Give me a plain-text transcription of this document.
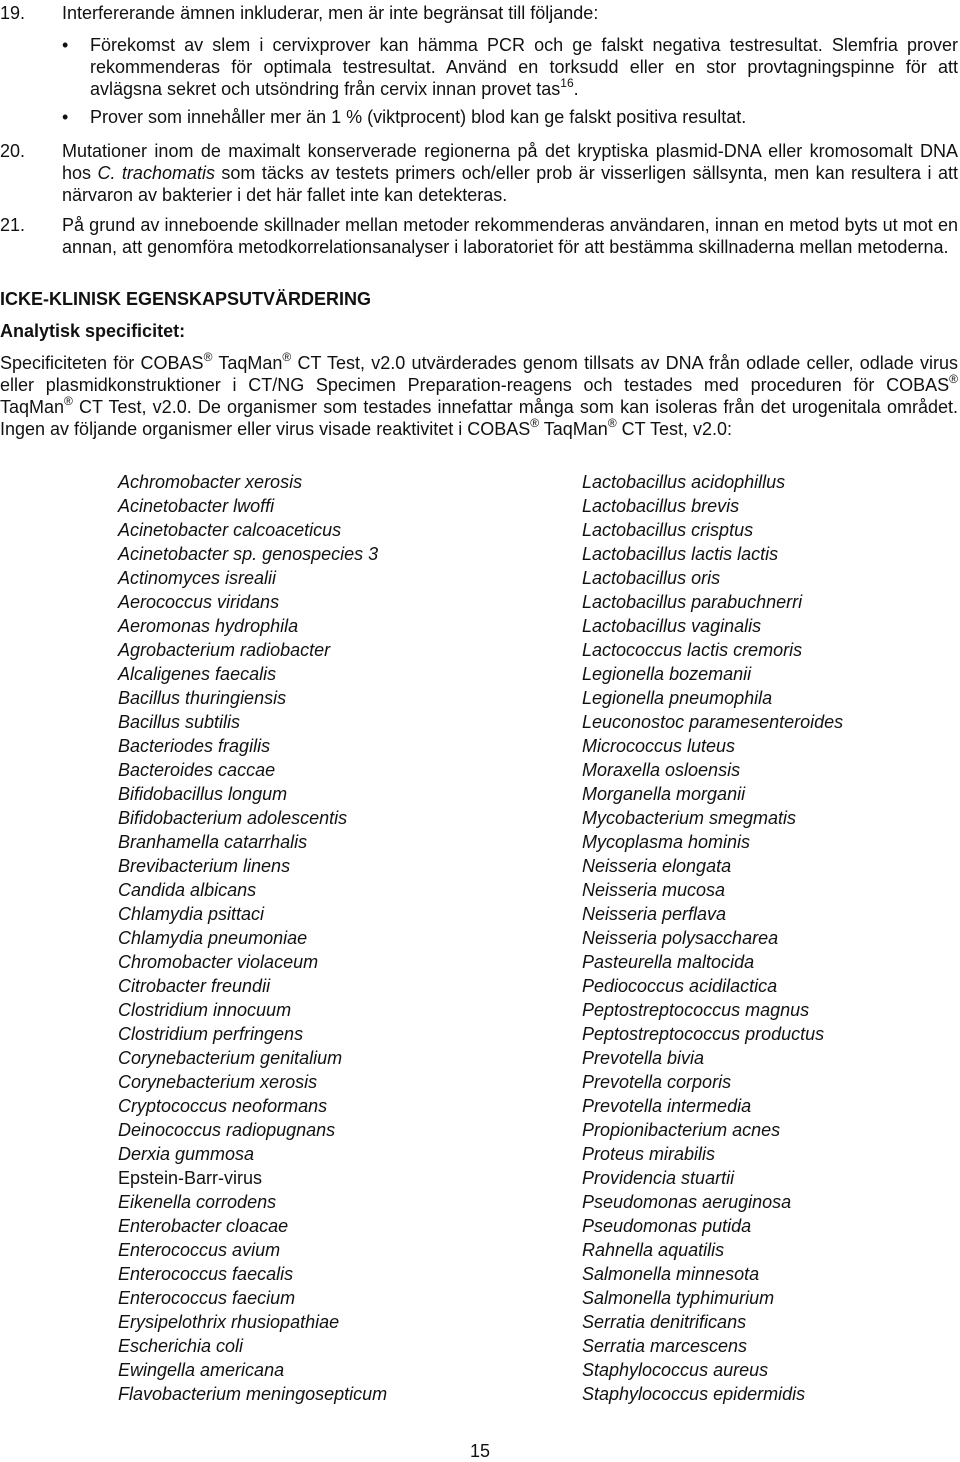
19. Interfererande ämnen inkluderar, men är inte begränsat till följande:
• Förekomst av slem i cervixprover kan hämma PCR och ge falskt negativa testresultat. Slemfria prover rekommenderas för optimala testresultat. Använd en torksudd eller en stor provtagningspinne för att avlägsna sekret och utsöndring från cervix innan provet tas$^{16}$.
• Prover som innehåller mer än 1 % (viktprocent) blod kan ge falskt positiva resultat.
20. Mutationer inom de maximalt konserverade regionerna på det kryptiska plasmid-DNA eller kromosomalt DNA hos C. trachomatis som täcks av testets primers och/eller prob är visserligen sällsynta, men kan resultera i att närvaron av bakterier i det här fallet inte kan detekteras.
21. På grund av inneboende skillnader mellan metoder rekommenderas användaren, innan en metod byts ut mot en annan, att genomföra metodkorrelationsanalyser i laboratoriet för att bestämma skillnaderna mellan metoderna.
ICKE-KLINISK EGENSKAPSUTVÄRDERING
Analytisk specificitet:
Specificiteten för COBAS® TaqMan® CT Test, v2.0 utvärderades genom tillsats av DNA från odlade celler, odlade virus eller plasmidkonstruktioner i CT/NG Specimen Preparation-reagens och testades med proceduren för COBAS® TaqMan® CT Test, v2.0. De organismer som testades innefattar många som kan isoleras från det urogenitala området. Ingen av följande organismer eller virus visade reaktivitet i COBAS® TaqMan® CT Test, v2.0:
Achromobacter xerosis
Acinetobacter lwoffi
Acinetobacter calcoaceticus
Acinetobacter sp. genospecies 3
Actinomyces isrealii
Aerococcus viridans
Aeromonas hydrophila
Agrobacterium radiobacter
Alcaligenes faecalis
Bacillus thuringiensis
Bacillus subtilis
Bacteriodes fragilis
Bacteroides caccae
Bifidobacillus longum
Bifidobacterium adolescentis
Branhamella catarrhalis
Brevibacterium linens
Candida albicans
Chlamydia psittaci
Chlamydia pneumoniae
Chromobacter violaceum
Citrobacter freundii
Clostridium innocuum
Clostridium perfringens
Corynebacterium genitalium
Corynebacterium xerosis
Cryptococcus neoformans
Deinococcus radiopugnans
Derxia gummosa
Epstein-Barr-virus
Eikenella corrodens
Enterobacter cloacae
Enterococcus avium
Enterococcus faecalis
Enterococcus faecium
Erysipelothrix rhusiopathiae
Escherichia coli
Ewingella americana
Flavobacterium meningosepticum
Lactobacillus acidophillus
Lactobacillus brevis
Lactobacillus crisptus
Lactobacillus lactis lactis
Lactobacillus oris
Lactobacillus parabuchnerri
Lactobacillus vaginalis
Lactococcus lactis cremoris
Legionella bozemanii
Legionella pneumophila
Leuconostoc paramesenteroides
Micrococcus luteus
Moraxella osloensis
Morganella morganii
Mycobacterium smegmatis
Mycoplasma hominis
Neisseria elongata
Neisseria mucosa
Neisseria perflava
Neisseria polysaccharea
Pasteurella maltocida
Pediococcus acidilactica
Peptostreptococcus magnus
Peptostreptococcus productus
Prevotella bivia
Prevotella corporis
Prevotella intermedia
Propionibacterium acnes
Proteus mirabilis
Providencia stuartii
Pseudomonas aeruginosa
Pseudomonas putida
Rahnella aquatilis
Salmonella minnesota
Salmonella typhimurium
Serratia denitrificans
Serratia marcescens
Staphylococcus aureus
Staphylococcus epidermidis
15
